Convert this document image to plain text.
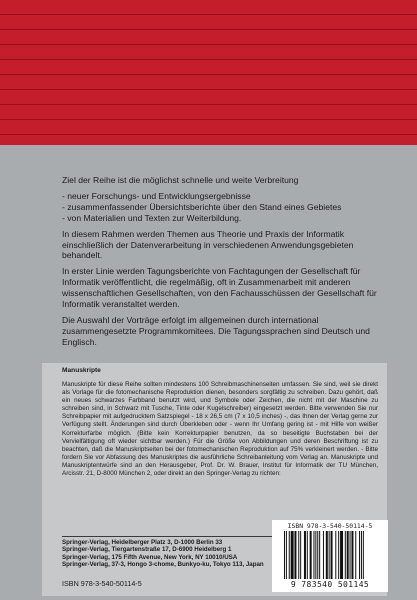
Ziel der Reihe ist die möglichst schnelle und weite Verbreitung

- neuer Forschungs- und Entwicklungsergebnisse
- zusammenfassender Übersichtsberichte über den Stand eines Gebietes
- von Materialien und Texten zur Weiterbildung.

In diesem Rahmen werden Themen aus Theorie und Praxis der Informatik einschließlich der Datenverarbeitung in verschiedenen Anwendungsgebieten behandelt.

In erster Linie werden Tagungsberichte von Fachtagungen der Gesellschaft für Informatik veröffentlicht, die regelmäßig, oft in Zusammenarbeit mit anderen wissenschaftlichen Gesellschaften, von den Fachausschüssen der Gesellschaft für Informatik veranstaltet werden.

Die Auswahl der Vorträge erfolgt im allgemeinen durch international zusammengesetzte Programmkomitees. Die Tagungssprachen sind Deutsch und Englisch.

Manuskripte
Manuskripte für diese Reihe sollten mindestens 100 Schreibmaschinenseiten umfassen. Sie sind, weil sie direkt als Vorlage für die fotomechanische Reproduktion dienen, besonders sorgfältig zu schreiben. Dazu gehört, daß ein neues schwarzes Farbband benutzt wird, und Symbole oder Zeichen, die nicht mit der Maschine zu schreiben sind, in Schwarz mit Tusche, Tinte oder Kugelschreiber) eingesetzt werden. Bitte verwenden Sie nur Schreibpapier mit aufgedrucktem Satzspiegel - 18 x 26,5 cm (7 x 10,5 inches) -, das Ihnen der Verlag gerne zur Verfügung stellt. Änderungen sind durch Überkleben oder - wenn Ihr Umfang gering ist - mit Hilfe von weißer Korrekturfarbe möglich. (Bitte kein Korrekturpapier benutzen, da so beseitigte Buchstaben bei der Vervielfältigung oft wieder sichtbar werden.) Für die Größe von Abbildungen und deren Beschriftung ist zu beachten, daß die Manuskriptseiten bei der fotomechanischen Reproduktion auf 75% verkleinert werden. - Bitte fordern Sie vor Abfassung des Manuskriptes die ausführliche Schreibanleitung vom Verlag an. Manuskripte und Manuskriptentwürfe sind an den Herausgeber, Prof. Dr. W. Brauer, Institut für Informatik der TU München, Arcisstr. 21, D-8000 München 2, oder direkt an den Springer-Verlag zu richten:
Springer-Verlag, Heidelberger Platz 3, D-1000 Berlin 33
Springer-Verlag, Tiergartenstraße 17, D-6900 Heidelberg 1
Springer-Verlag, 175 Fifth Avenue, New York, NY 10010/USA
Springer-Verlag, 37-3, Hongo 3-chome, Bunkyo-ku, Tokyo 113, Japan
ISBN 978-3-540-50114-5
ISBN 978-3-540-50114-5
9 783540 501145
